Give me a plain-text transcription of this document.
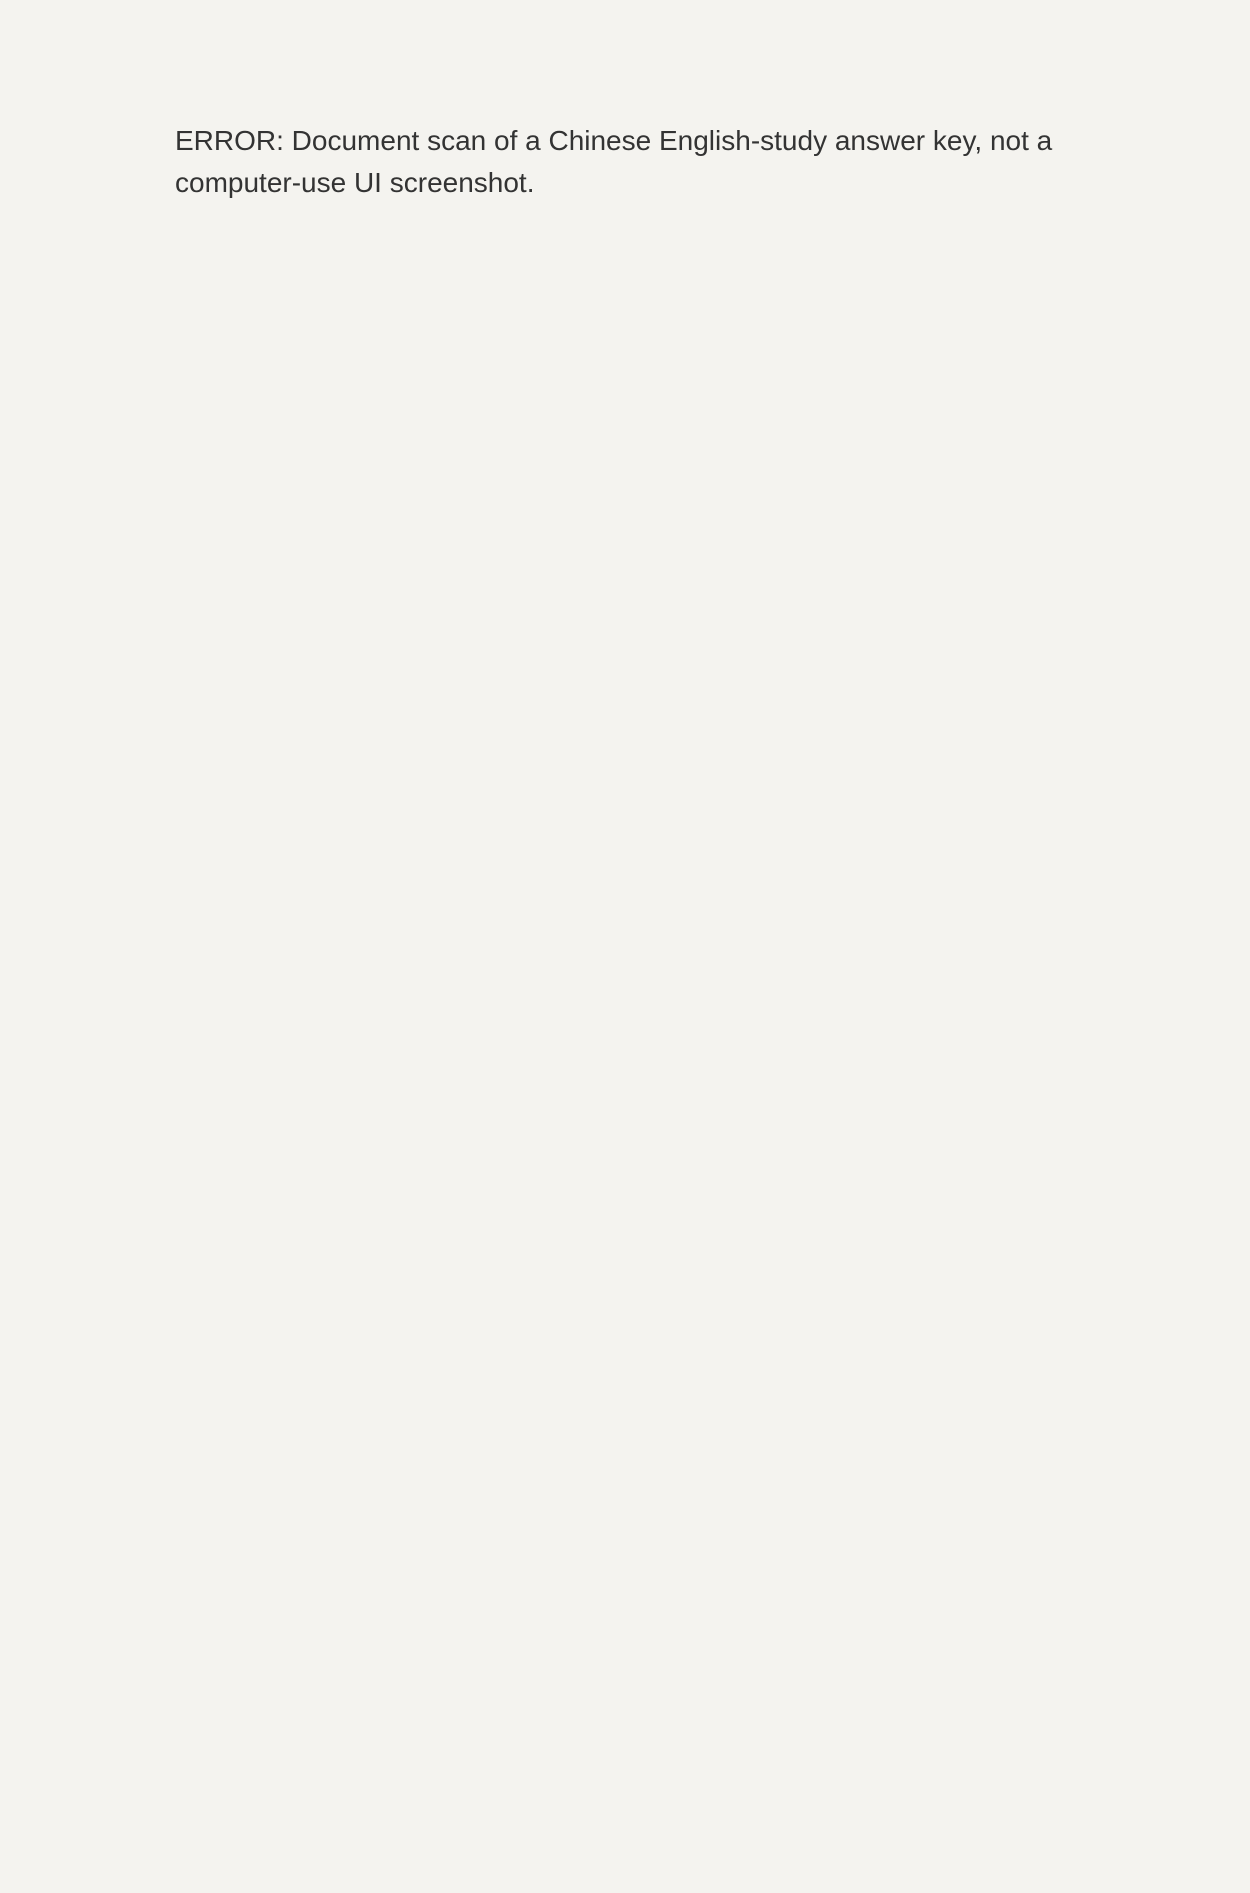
ERROR: Document scan of a Chinese English-study answer key, not a computer-use UI screenshot.
